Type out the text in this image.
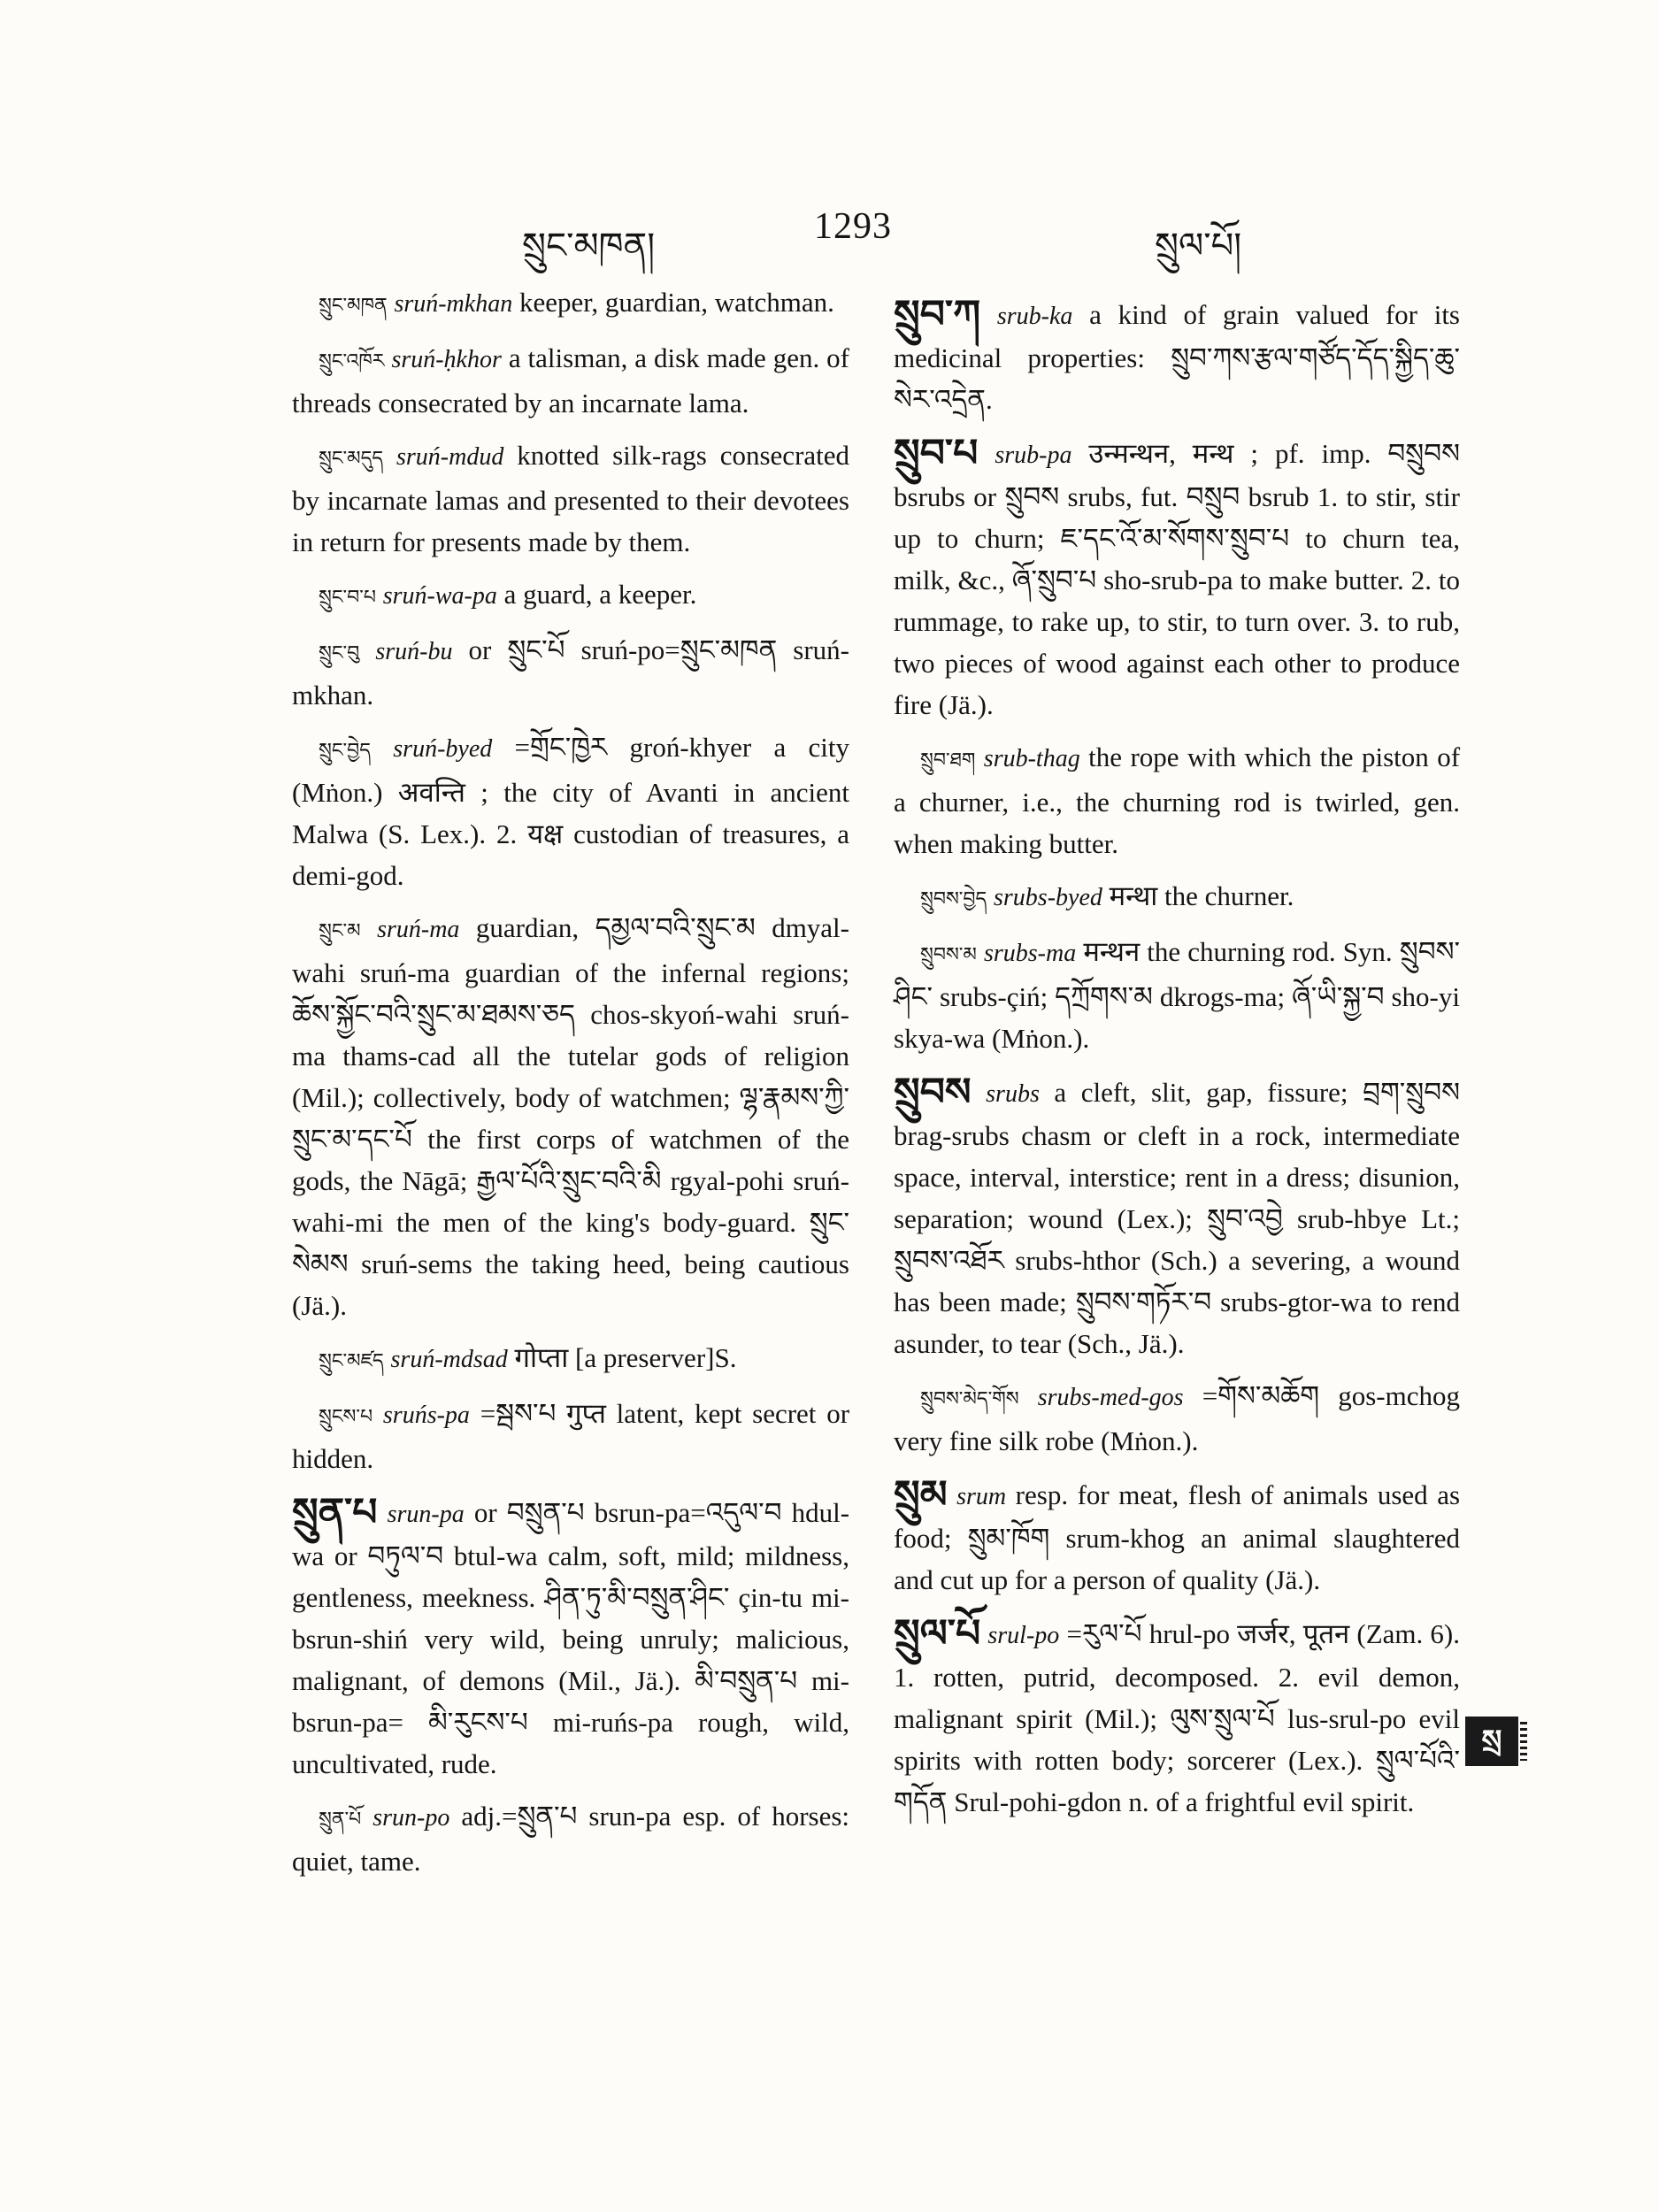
སྲུང་མཁན།	1293	སྲུལ་པོ།

སྲུང་མཁན sruń-mkhan keeper, guardian, watchman.

སྲུང་འཁོར sruń-ḥkhor a talisman, a disk made gen. of threads consecrated by an incarnate lama.

སྲུང་མདུད sruń-mdud knotted silk-rags consecrated by incarnate lamas and presented to their devotees in return for presents made by them.

སྲུང་བ་པ sruń-wa-pa a guard, a keeper.

སྲུང་བུ sruń-bu or སྲུང་པོ sruń-po=སྲུང་མཁན sruń-mkhan.

སྲུང་བྱེད sruń-byed =གྲོང་ཁྱེར groń-khyer a city (Mṅon.) अवन्ति ; the city of Avanti in ancient Malwa (S. Lex.). 2. यक्ष custodian of treasures, a demi-god.

སྲུང་མ sruń-ma guardian, དམྱལ་བའི་སྲུང་མ dmyal-wahi sruń-ma guardian of the infernal regions; ཆོས་སྐྱོང་བའི་སྲུང་མ་ཐམས་ཅད chos-skyoń-wahi sruń-ma thams-cad all the tutelar gods of religion (Mil.); collectively, body of watchmen; ལྷ་རྣམས་ཀྱི་སྲུང་མ་དང་པོ the first corps of watchmen of the gods, the Nāgā; རྒྱལ་པོའི་སྲུང་བའི་མི rgyal-pohi sruń-wahi-mi the men of the king's body-guard. སྲུང་སེམས sruń-sems the taking heed, being cautious (Jä.).

སྲུང་མཛད sruń-mdsad गोप्ता [a preserver]S.

སྲུངས་པ sruńs-pa =སྦས་པ गुप्त latent, kept secret or hidden.

སྲུན་པ srun-pa or བསྲུན་པ bsrun-pa=འདུལ་བ hdul-wa or བཏུལ་བ btul-wa calm, soft, mild; mildness, gentleness, meekness. ཤིན་ཏུ་མི་བསྲུན་ཤིང་ çin-tu mi-bsrun-shiń very wild, being unruly; malicious, malignant, of demons (Mil., Jä.). མི་བསྲུན་པ mi-bsrun-pa= མི་རུངས་པ mi-ruńs-pa rough, wild, uncultivated, rude.

སྲུན་པོ srun-po adj.=སྲུན་པ srun-pa esp. of horses: quiet, tame.

སྲུབ་ཀ srub-ka a kind of grain valued for its medicinal properties: སྲུབ་ཀས་རྩལ་གཙོད་དོད་སྐྱིད་ཆུ་སེར་འདྲེན.

སྲུབ་པ srub-pa उन्मन्थन, मन्थ ; pf. imp. བསྲུབས bsrubs or སྲུབས srubs, fut. བསྲུབ bsrub 1. to stir, stir up to churn; ཇ་དང་འོ་མ་སོགས་སྲུབ་པ to churn tea, milk, &c., ཞོ་སྲུབ་པ sho-srub-pa to make butter. 2. to rummage, to rake up, to stir, to turn over. 3. to rub, two pieces of wood against each other to produce fire (Jä.).

སྲུབ་ཐག srub-thag the rope with which the piston of a churner, i.e., the churning rod is twirled, gen. when making butter.

སྲུབས་བྱེད srubs-byed मन्था the churner.

སྲུབས་མ srubs-ma मन्थन the churning rod. Syn. སྲུབས་ཤིང་ srubs-çiń; དཀྲོགས་མ dkrogs-ma; ཞོ་ཡི་སྐྱ་བ sho-yi skya-wa (Mṅon.).

སྲུབས srubs a cleft, slit, gap, fissure; བྲག་སྲུབས brag-srubs chasm or cleft in a rock, intermediate space, interval, interstice; rent in a dress; disunion, separation; wound (Lex.); སྲུབ་འབྱེ srub-hbye Lt.; སྲུབས་འཐོར srubs-hthor (Sch.) a severing, a wound has been made; སྲུབས་གཏོར་བ srubs-gtor-wa to rend asunder, to tear (Sch., Jä.).

སྲུབས་མེད་གོས srubs-med-gos =གོས་མཆོག gos-mchog very fine silk robe (Mṅon.).

སྲུམ srum resp. for meat, flesh of animals used as food; སྲུམ་ཁོག srum-khog an animal slaughtered and cut up for a person of quality (Jä.).

སྲུལ་པོ srul-po =རུལ་པོ hrul-po जर्जर, पूतन (Zam. 6). 1. rotten, putrid, decomposed. 2. evil demon, malignant spirit (Mil.); ལུས་སྲུལ་པོ lus-srul-po evil spirits with rotten body; sorcerer (Lex.). སྲུལ་པོའི་གདོན Srul-pohi-gdon n. of a frightful evil spirit.

སྲ
